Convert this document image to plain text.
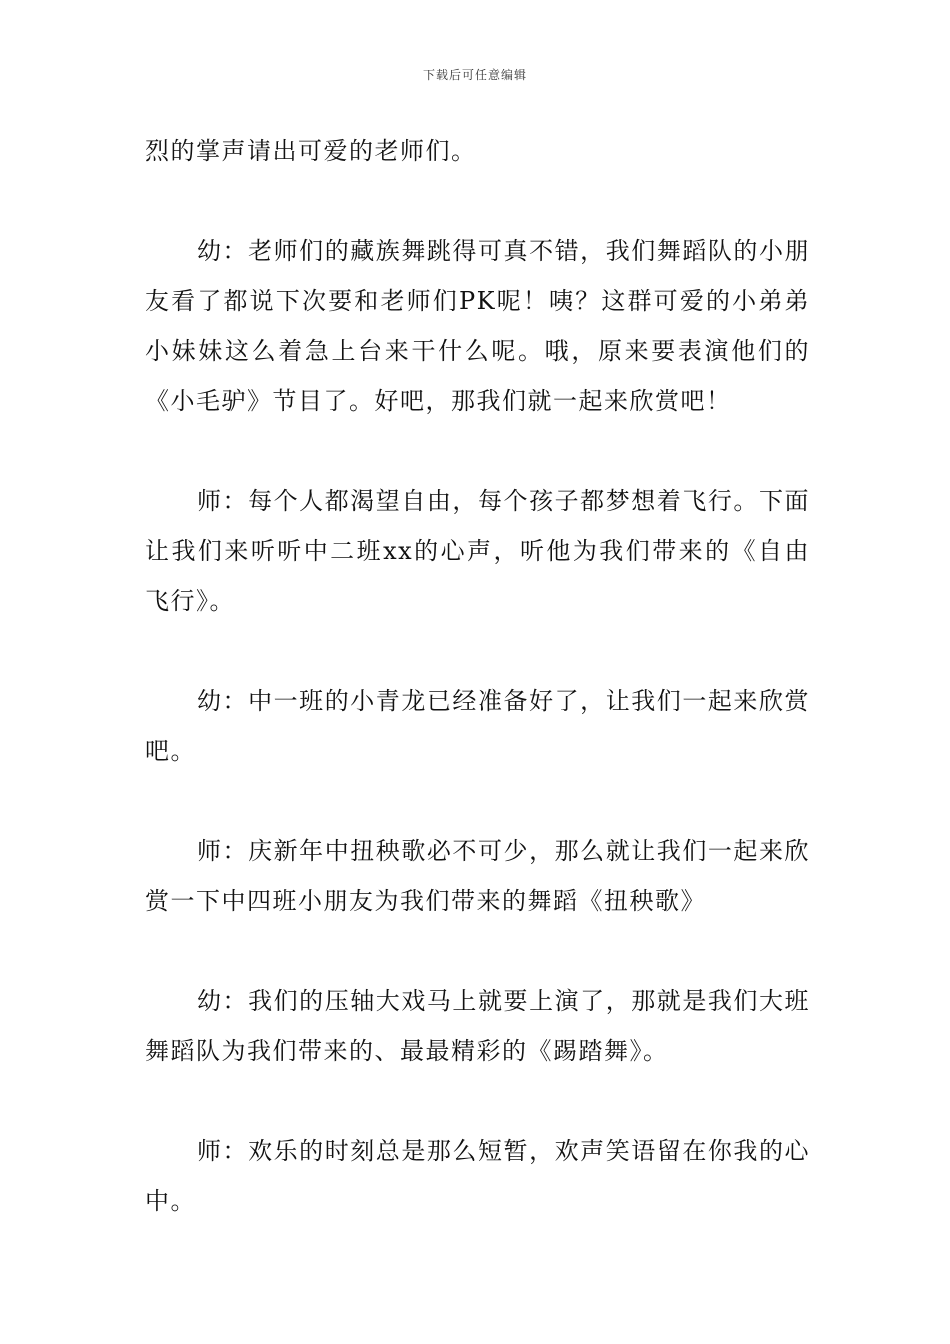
下载后可任意编辑

烈的掌声请出可爱的老师们。

幼：老师们的藏族舞跳得可真不错，我们舞蹈队的小朋友看了都说下次要和老师们PK呢！咦？这群可爱的小弟弟小妹妹这么着急上台来干什么呢。哦，原来要表演他们的《小毛驴》节目了。好吧，那我们就一起来欣赏吧！

师：每个人都渴望自由，每个孩子都梦想着飞行。下面让我们来听听中二班xx的心声，听他为我们带来的《自由飞行》。

幼：中一班的小青龙已经准备好了，让我们一起来欣赏吧。

师：庆新年中扭秧歌必不可少，那么就让我们一起来欣赏一下中四班小朋友为我们带来的舞蹈《扭秧歌》

幼：我们的压轴大戏马上就要上演了，那就是我们大班舞蹈队为我们带来的、最最精彩的《踢踏舞》。

师：欢乐的时刻总是那么短暂，欢声笑语留在你我的心中。
